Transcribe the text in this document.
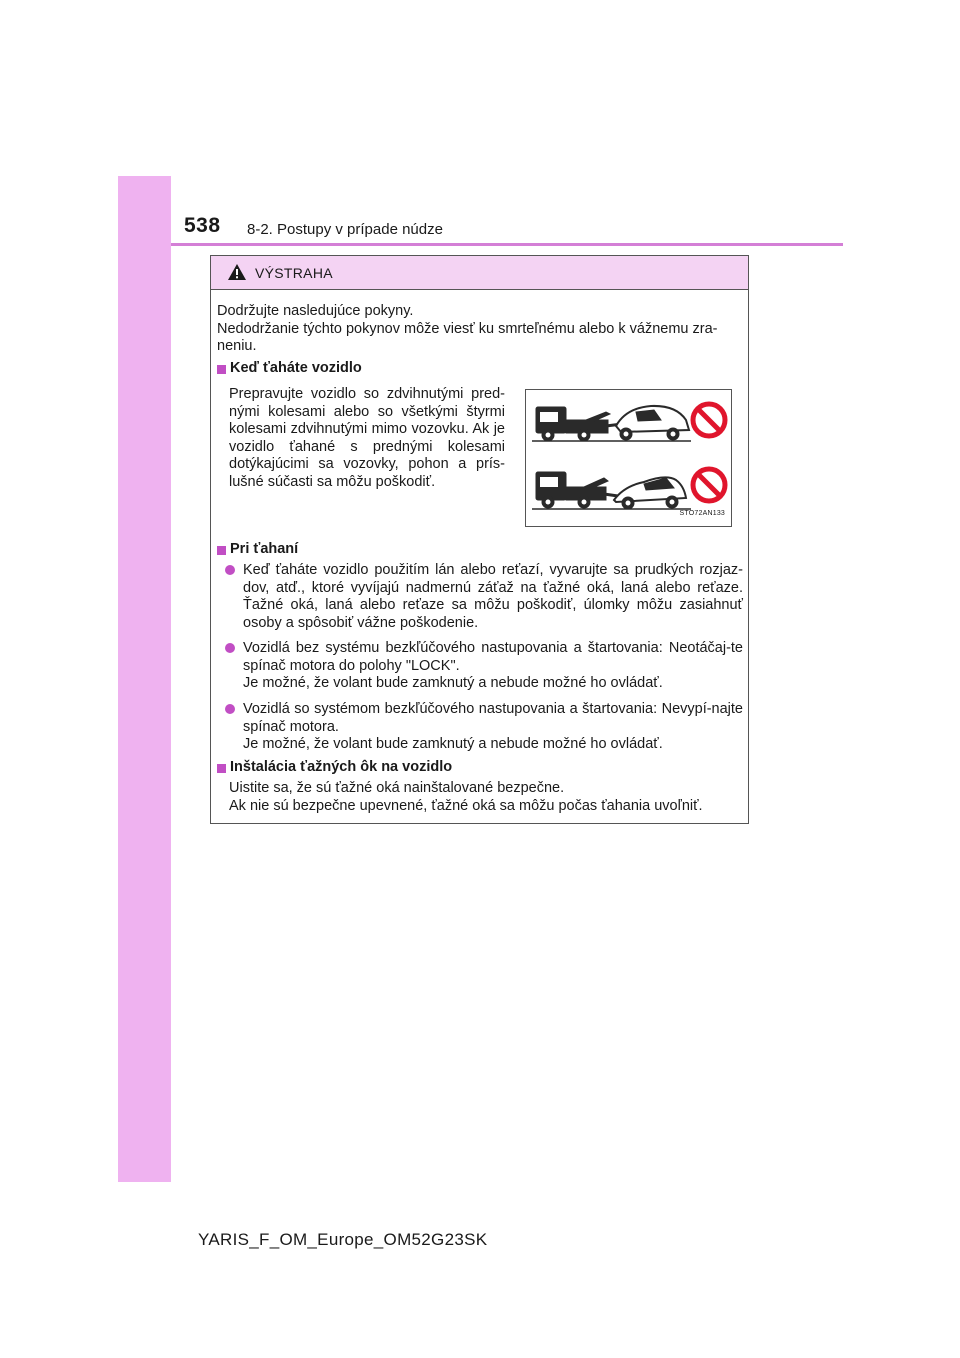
538 8-2. Postupy v prípade núdze
VÝSTRAHA
Dodržujte nasledujúce pokyny.
Nedodržanie týchto pokynov môže viesť ku smrteľnému alebo k vážnemu zra-
neniu.
Keď ťaháte vozidlo
Prepravujte vozidlo so zdvihnutými pred-nými kolesami alebo so všetkými štyrmi kolesami zdvihnutými mimo vozovku. Ak je vozidlo ťahané s prednými kolesami dotýkajúcimi sa vozovky, pohon a prís-lušné súčasti sa môžu poškodiť.
STO72AN133
Pri ťahaní
Keď ťaháte vozidlo použitím lán alebo reťazí, vyvarujte sa prudkých rozjaz-dov, atď., ktoré vyvíjajú nadmernú záťaž na ťažné oká, laná alebo reťaze. Ťažné oká, laná alebo reťaze sa môžu poškodiť, úlomky môžu zasiahnuť osoby a spôsobiť vážne poškodenie.
Vozidlá bez systému bezkľúčového nastupovania a štartovania: Neotáčaj-te spínač motora do polohy "LOCK".
Je možné, že volant bude zamknutý a nebude možné ho ovládať.
Vozidlá so systémom bezkľúčového nastupovania a štartovania: Nevypí-najte spínač motora.
Je možné, že volant bude zamknutý a nebude možné ho ovládať.
Inštalácia ťažných ôk na vozidlo
Uistite sa, že sú ťažné oká nainštalované bezpečne.
Ak nie sú bezpečne upevnené, ťažné oká sa môžu počas ťahania uvoľniť.
YARIS_F_OM_Europe_OM52G23SK
